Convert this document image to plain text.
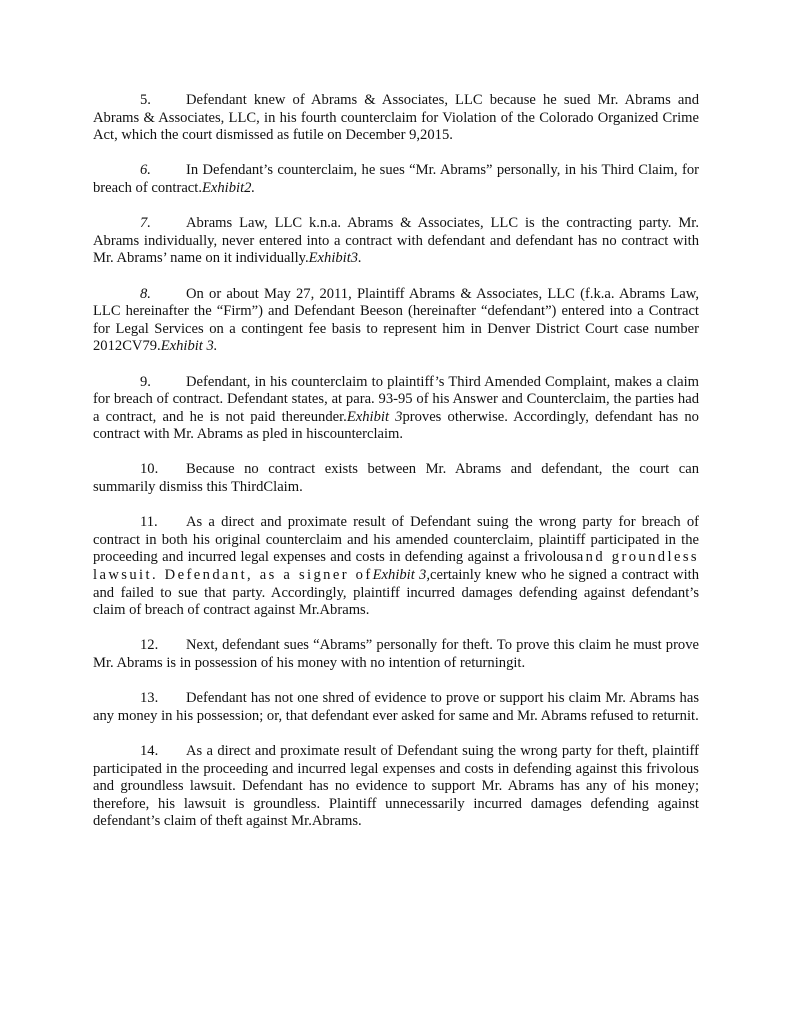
5. Defendant knew of Abrams & Associates, LLC because he sued Mr. Abrams and Abrams & Associates, LLC, in his fourth counterclaim for Violation of the Colorado Organized Crime Act, which the court dismissed as futile on December 9,2015.

6. In Defendant’s counterclaim, he sues “Mr. Abrams” personally, in his Third Claim, for breach of contract.Exhibit2.

7. Abrams Law, LLC k.n.a. Abrams & Associates, LLC is the contracting party. Mr. Abrams individually, never entered into a contract with defendant and defendant has no contract with Mr. Abrams’ name on it individually.Exhibit3.

8. On or about May 27, 2011, Plaintiff Abrams & Associates, LLC (f.k.a. Abrams Law, LLC hereinafter the “Firm”) and Defendant Beeson (hereinafter “defendant”) entered into a Contract for Legal Services on a contingent fee basis to represent him in Denver District Court case number 2012CV79.Exhibit 3.

9. Defendant, in his counterclaim to plaintiff’s Third Amended Complaint, makes a claim for breach of contract. Defendant states, at para. 93-95 of his Answer and Counterclaim, the parties had a contract, and he is not paid thereunder.Exhibit 3proves otherwise. Accordingly, defendant has no contract with Mr. Abrams as pled in hiscounterclaim.

10. Because no contract exists between Mr. Abrams and defendant, the court can summarily dismiss this ThirdClaim.

11. As a direct and proximate result of Defendant suing the wrong party for breach of contract in both his original counterclaim and his amended counterclaim, plaintiff participated in the proceeding and incurred legal expenses and costs in defending against a frivolousand groundless lawsuit. Defendant, as a signer ofExhibit 3,certainly knew who he signed a contract with and failed to sue that party. Accordingly, plaintiff incurred damages defending against defendant’s claim of breach of contract against Mr.Abrams.

12. Next, defendant sues “Abrams” personally for theft. To prove this claim he must prove Mr. Abrams is in possession of his money with no intention of returningit.

13. Defendant has not one shred of evidence to prove or support his claim Mr. Abrams has any money in his possession; or, that defendant ever asked for same and Mr. Abrams refused to returnit.

14. As a direct and proximate result of Defendant suing the wrong party for theft, plaintiff participated in the proceeding and incurred legal expenses and costs in defending against this frivolous and groundless lawsuit. Defendant has no evidence to support Mr. Abrams has any of his money; therefore, his lawsuit is groundless. Plaintiff unnecessarily incurred damages defending against defendant’s claim of theft against Mr.Abrams.
